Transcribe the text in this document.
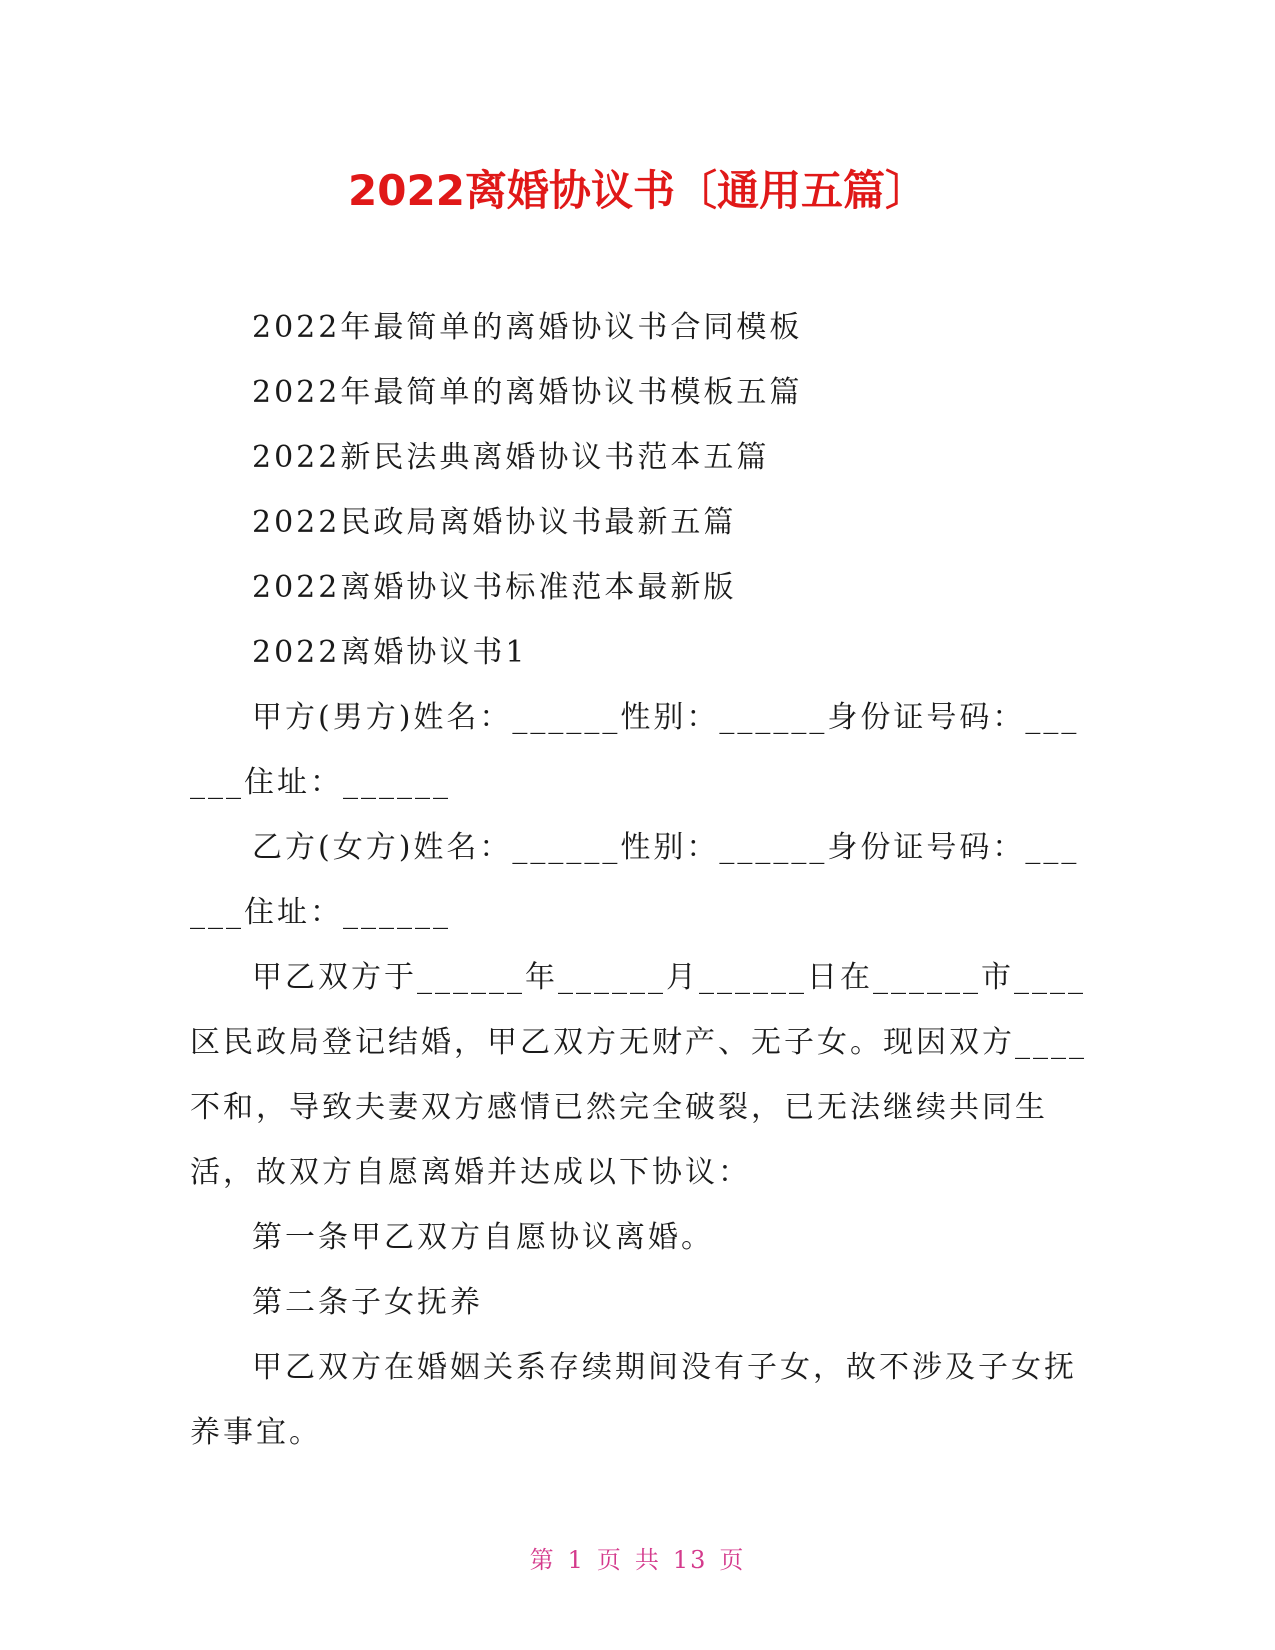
2022离婚协议书〔通用五篇〕

2022年最简单的离婚协议书合同模板

2022年最简单的离婚协议书模板五篇

2022新民法典离婚协议书范本五篇

2022民政局离婚协议书最新五篇

2022离婚协议书标准范本最新版

2022离婚协议书1

甲方(男方)姓名：______性别：______身份证号码：______住址：______

乙方(女方)姓名：______性别：______身份证号码：______住址：______

甲乙双方于______年______月______日在______市____区民政局登记结婚，甲乙双方无财产、无子女。现因双方____不和，导致夫妻双方感情已然完全破裂，已无法继续共同生活，故双方自愿离婚并达成以下协议：

第一条甲乙双方自愿协议离婚。

第二条子女抚养

甲乙双方在婚姻关系存续期间没有子女，故不涉及子女抚养事宜。

第 1 页 共 13 页
